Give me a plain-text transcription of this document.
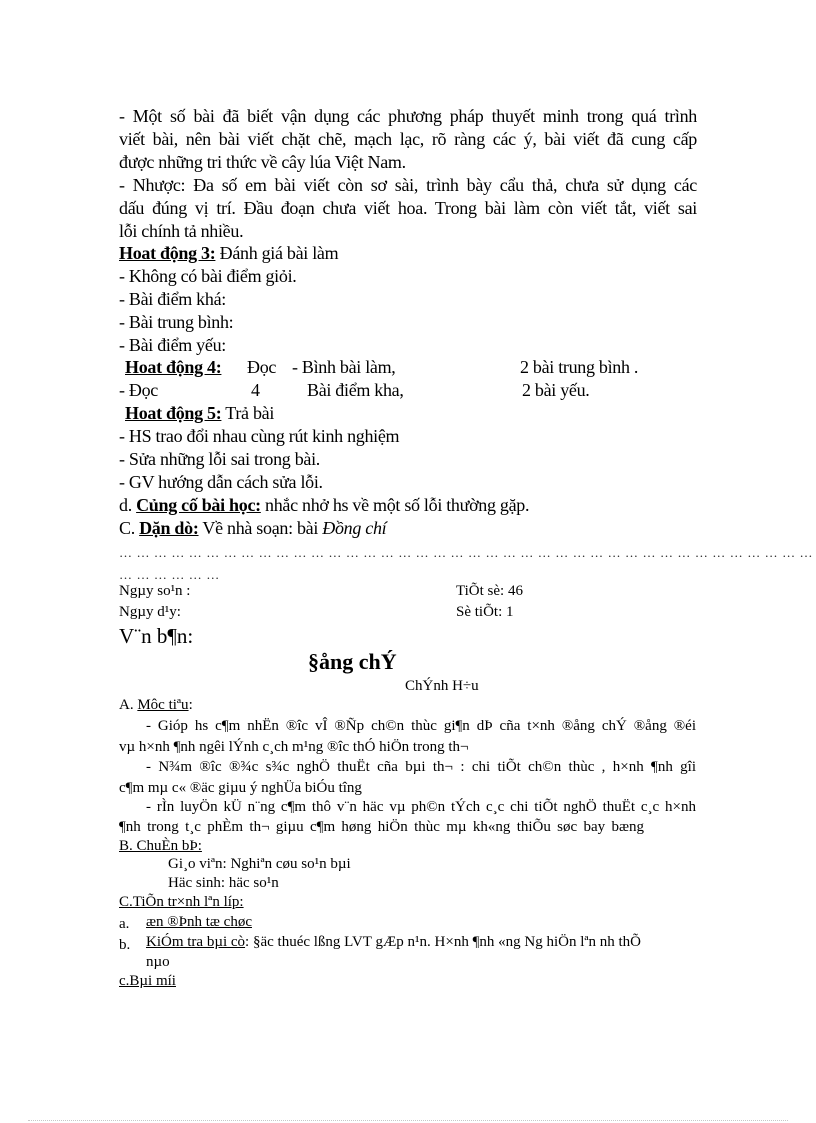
- Một số bài đã biết vận dụng các phương pháp thuyết minh trong quá trình
viết bài, nên bài viết chặt chẽ, mạch lạc, rõ ràng các ý, bài viết đã cung cấp
được những tri thức về cây lúa Việt Nam.
- Nhược: Đa số em bài viết còn sơ sài, trình bày cẩu thả, chưa sử dụng các
dấu đúng vị trí. Đầu đoạn chưa viết hoa. Trong bài làm còn viết tắt, viết sai
lỗi chính tả nhiều.
Hoat động 3: Đánh giá bài làm
- Không có bài điểm giỏi.
- Bài điểm khá:
- Bài trung bình:
- Bài điểm yếu:
Hoat động 4: Đọc - Bình bài làm,	2 bài trung bình .
- Đọc	4	Bài điểm kha,	2 bài yếu.
Hoat động 5: Trả bài
- HS trao đổi nhau cùng rút kinh nghiệm
- Sửa những lỗi sai trong bài.
- GV hướng dẫn cách sửa lỗi.
d. Củng cố bài học: nhắc nhở hs về một số lỗi thường gặp.
C. Dặn dò: Về nhà soạn: bài Đồng chí
… … … … … … … … … … … … … … … … … … … … … … … … … … … … … … … … … … … … … … … …
… … … … … …
Ngµy so¹n :	TiÕt sè: 46
Ngµy d¹y:	Sè tiÕt: 1
V¨n b¶n:
§ång chÝ
ChÝnh H÷u
A. Môc tiªu:
- Gióp hs c¶m nhËn ®îc vÎ ®Ñp ch©n thùc gi¶n dÞ cña t×nh ®ång chÝ ®ång ®éi
vµ h×nh ¶nh ngêi lÝnh c¸ch m¹ng ®îc thÓ hiÖn trong th¬
- N¾m ®îc ®¾c s¾c nghÖ thuËt cña bµi th¬ : chi tiÕt ch©n thùc , h×nh ¶nh gîi
c¶m mµ c« ®äc giµu ý nghÜa biÓu tîng
- rÌn luyÖn kÜ n¨ng c¶m thô v¨n häc vµ ph©n tÝch c¸c chi tiÕt nghÖ thuËt c¸c h×nh
¶nh trong t¸c phÈm th¬ giµu c¶m høng hiÖn thùc mµ kh«ng thiÕu søc bay bæng
B. ChuÈn bÞ:
Gi¸o viªn: Nghiªn cøu so¹n bµi
Häc sinh: häc so¹n
C.TiÕn tr×nh lªn líp:
a. æn ®Þnh tæ chøc
b. KiÓm tra bµi cò: §äc thuéc lßng LVT gÆp n¹n. H×nh ¶nh «ng Ng hiÖn lªn nh thÕ
nµo
c.Bµi míi
